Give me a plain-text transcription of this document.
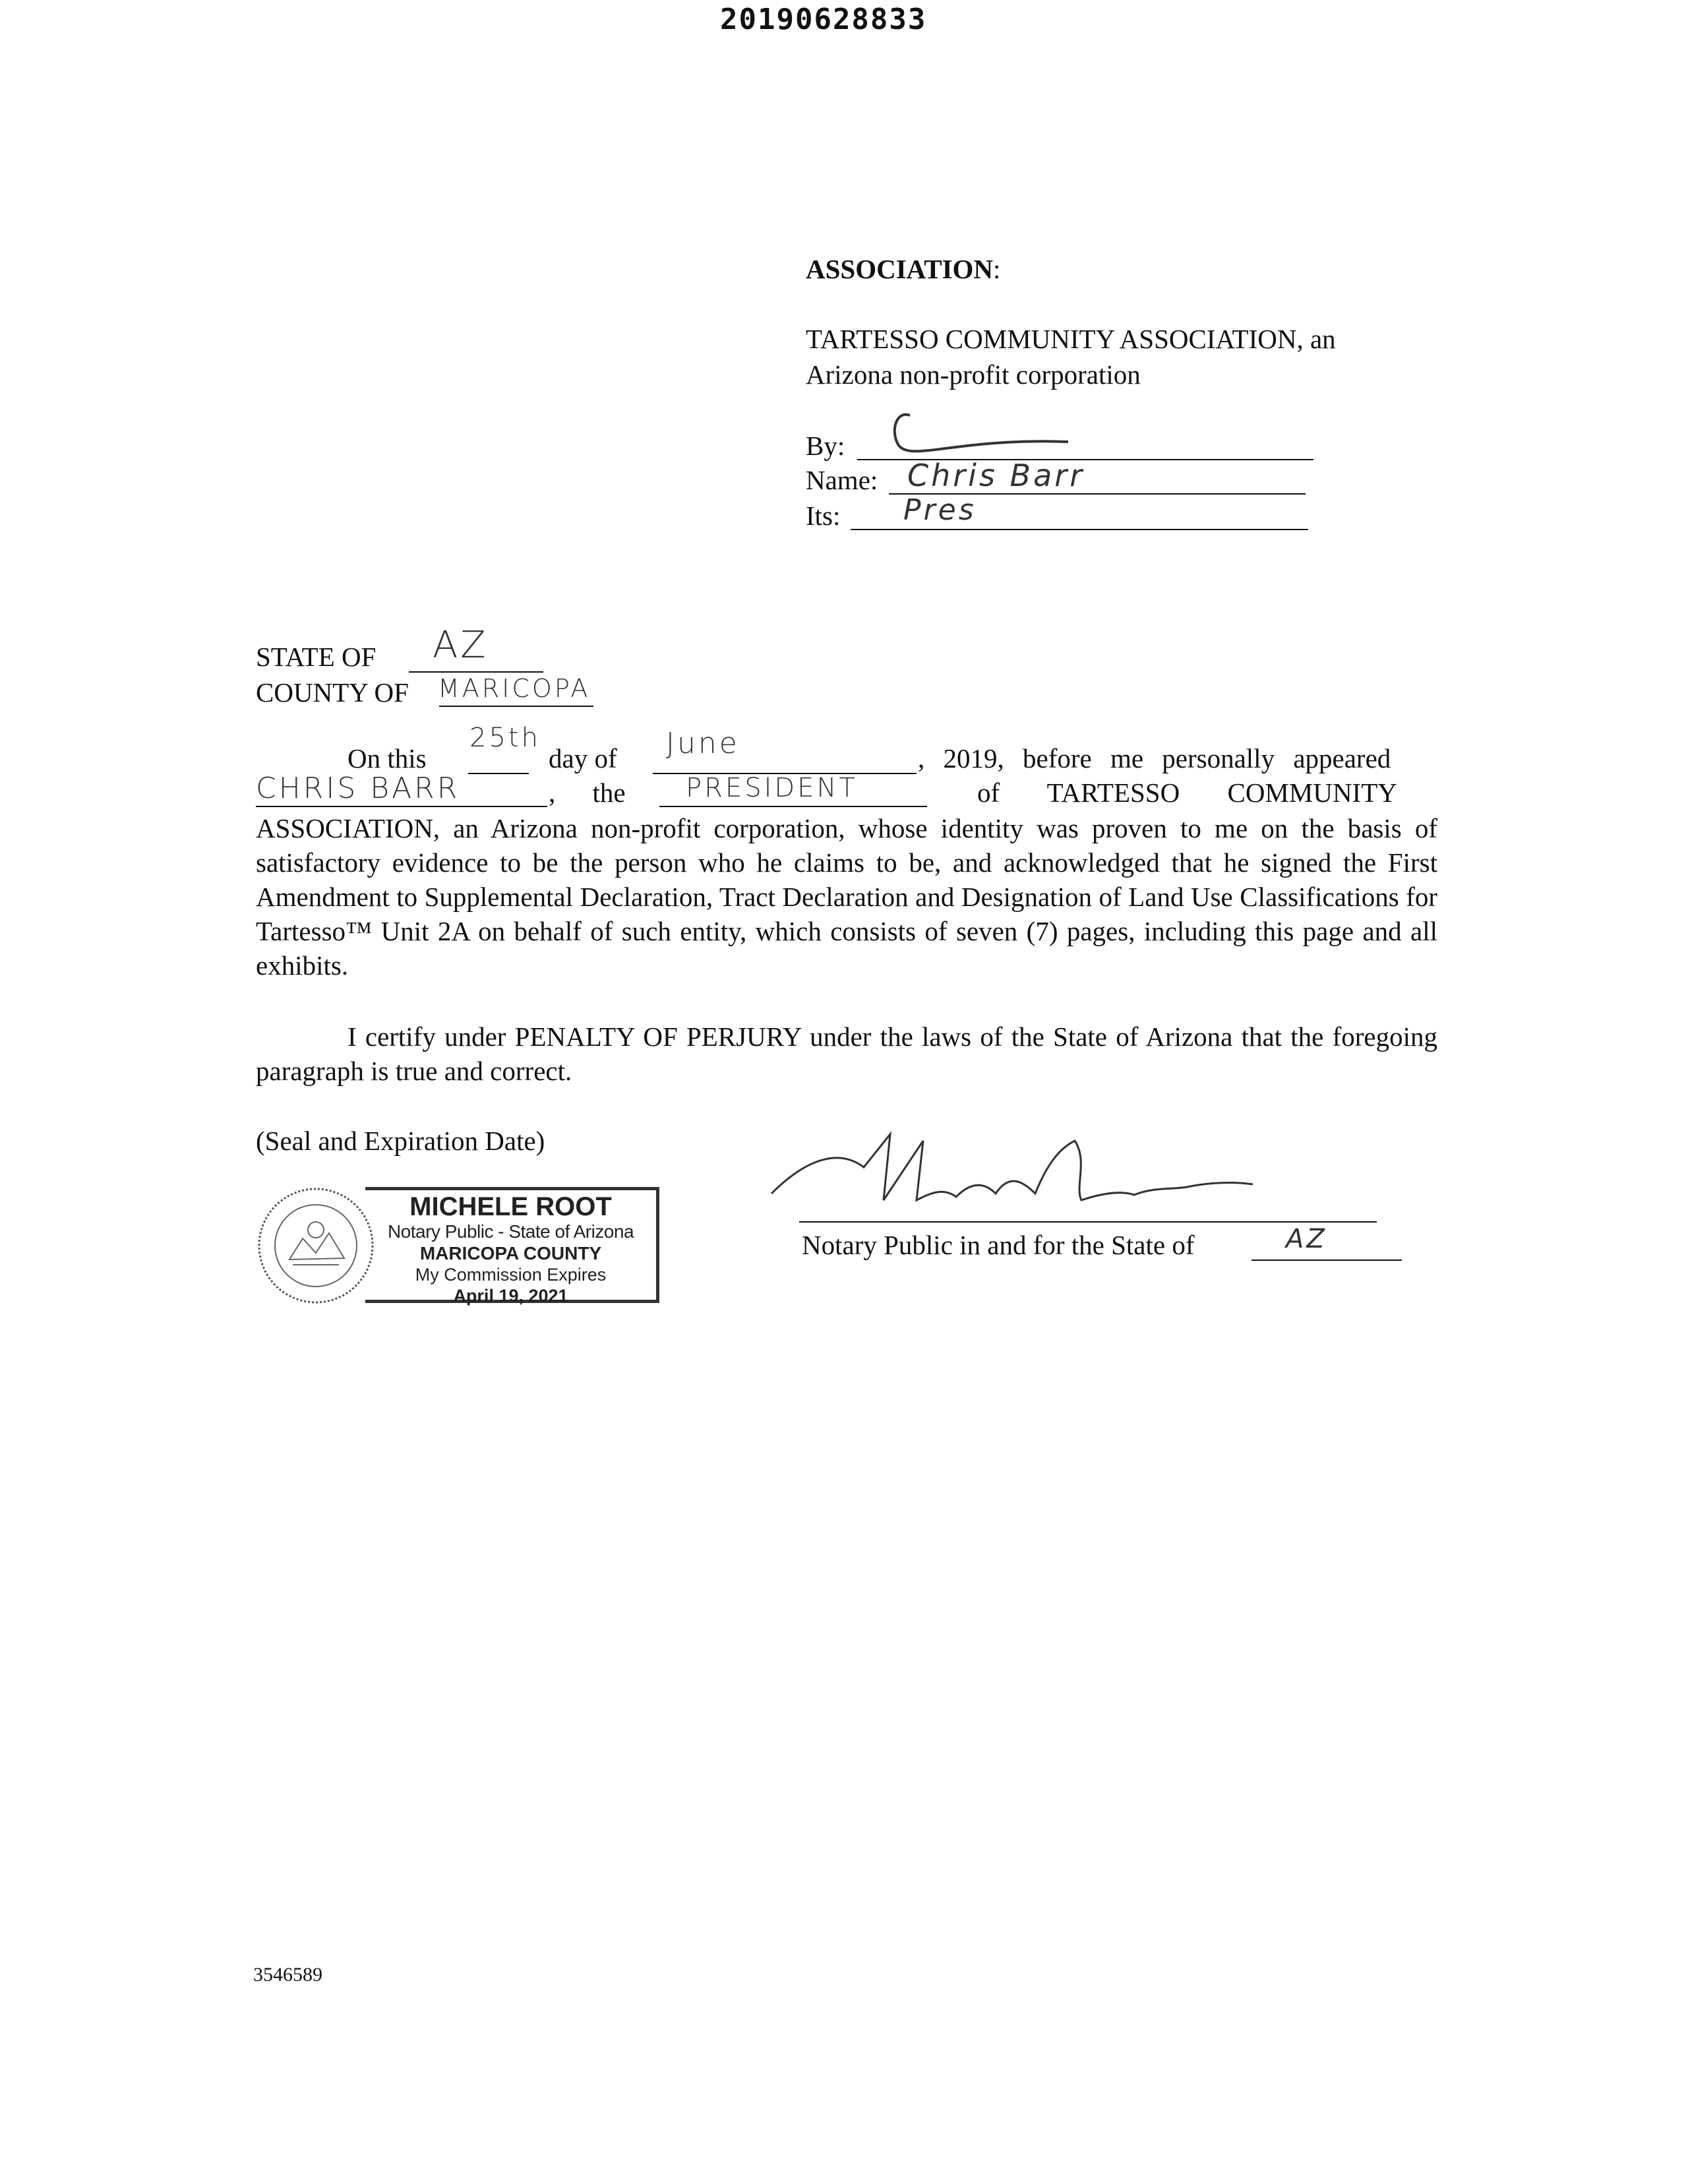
20190628833
ASSOCIATION:
TARTESSO COMMUNITY ASSOCIATION, an
Arizona non-profit corporation
By:
Name: Chris Barr
Its: Pres
STATE OF AZ
COUNTY OF MARICOPA
On this
25th
day of June	, 2019, before me personally appeared
CHRIS BARR	, the PRESIDENT	of TARTESSO COMMUNITY
ASSOCIATION, an Arizona non-profit corporation, whose identity was proven to me on the basis of satisfactory evidence to be the person who he claims to be, and acknowledged that he signed the First Amendment to Supplemental Declaration, Tract Declaration and Designation of Land Use Classifications for Tartesso™ Unit 2A on behalf of such entity, which consists of seven (7) pages, including this page and all exhibits.
I certify under PENALTY OF PERJURY under the laws of the State of Arizona that the foregoing paragraph is true and correct.
(Seal and Expiration Date)
MICHELE ROOT
Notary Public - State of Arizona
MARICOPA COUNTY
My Commission Expires
April 19, 2021
Notary Public in and for the State of	AZ
3546589
